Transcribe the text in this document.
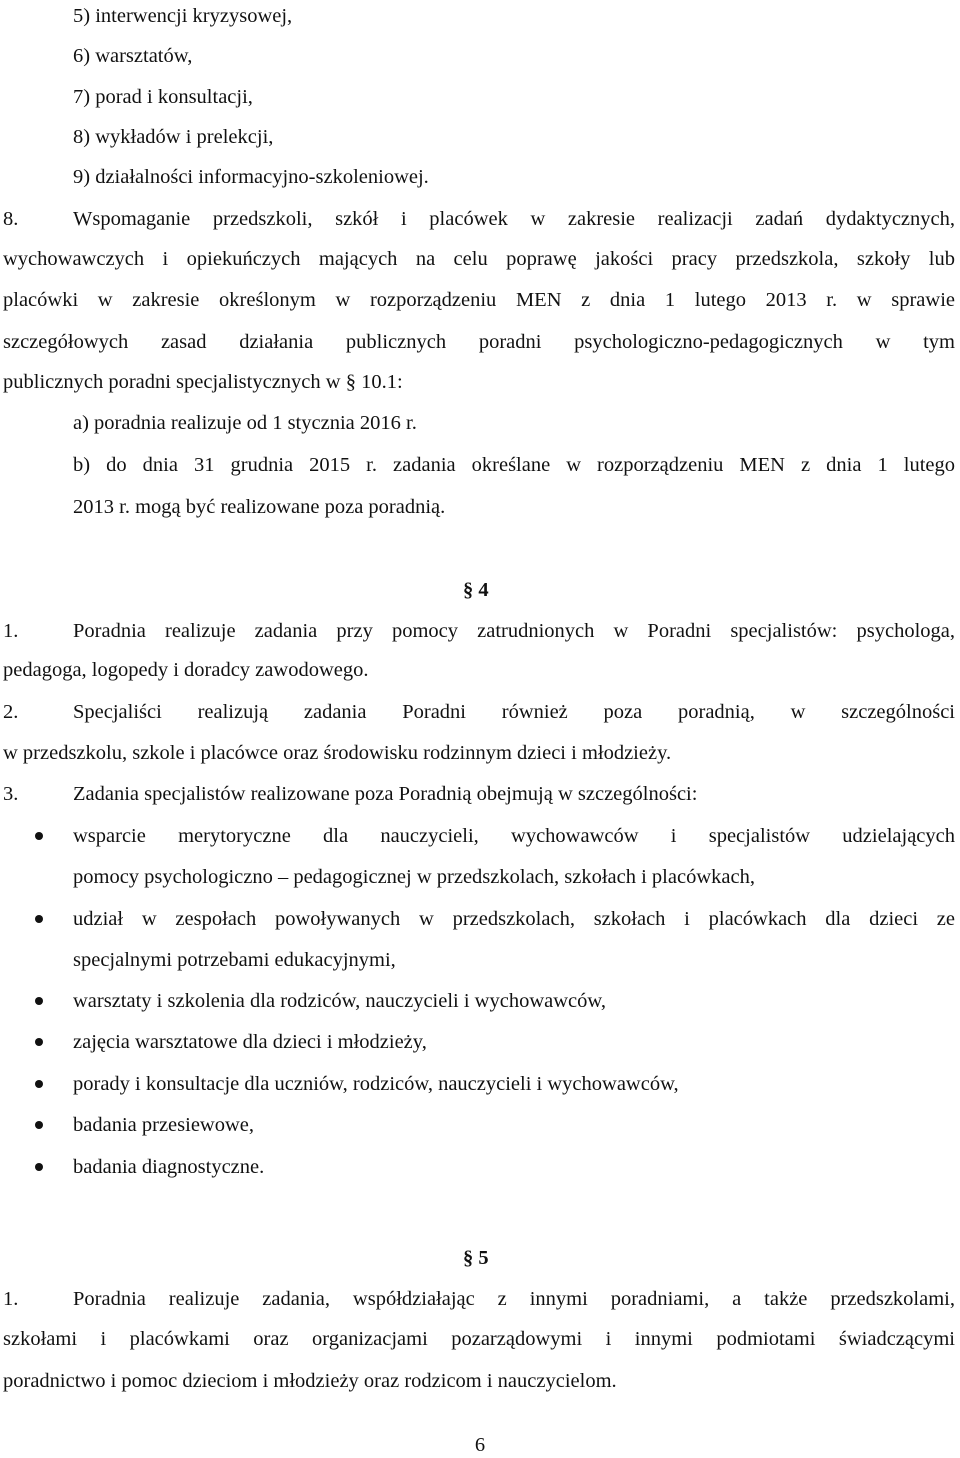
5) interwencji kryzysowej,
6) warsztatów,
7) porad i konsultacji,
8) wykładów i prelekcji,
9) działalności informacyjno-szkoleniowej.
8.	Wspomaganie przedszkoli, szkół i placówek w zakresie realizacji zadań dydaktycznych,
wychowawczych i opiekuńczych mających na celu poprawę jakości pracy przedszkola, szkoły lub
placówki w zakresie określonym w rozporządzeniu MEN z dnia 1 lutego 2013 r. w sprawie
szczegółowych zasad działania publicznych poradni psychologiczno-pedagogicznych w tym
publicznych poradni specjalistycznych w § 10.1:
a) poradnia realizuje od 1 stycznia 2016 r.
b) do dnia 31 grudnia 2015 r. zadania określane w rozporządzeniu MEN z dnia 1 lutego
2013 r. mogą być realizowane poza poradnią.
§ 4
1.	Poradnia realizuje zadania przy pomocy zatrudnionych w Poradni specjalistów: psychologa,
pedagoga, logopedy i doradcy zawodowego.
2.	Specjaliści realizują zadania Poradni również poza poradnią, w szczególności
w przedszkolu, szkole i placówce oraz środowisku rodzinnym dzieci i młodzieży.
3.	Zadania specjalistów realizowane poza Poradnią obejmują w szczególności:
wsparcie merytoryczne dla nauczycieli, wychowawców i specjalistów udzielających
pomocy psychologiczno – pedagogicznej w przedszkolach, szkołach i placówkach,
udział w zespołach powoływanych w przedszkolach, szkołach i placówkach dla dzieci ze
specjalnymi potrzebami edukacyjnymi,
warsztaty i szkolenia dla rodziców, nauczycieli i wychowawców,
zajęcia warsztatowe dla dzieci i młodzieży,
porady i konsultacje dla uczniów, rodziców, nauczycieli i wychowawców,
badania przesiewowe,
badania diagnostyczne.
§ 5
1.	Poradnia realizuje zadania, współdziałając z innymi poradniami, a także przedszkolami,
szkołami i placówkami oraz organizacjami pozarządowymi i innymi podmiotami świadczącymi
poradnictwo i pomoc dzieciom i młodzieży oraz rodzicom i nauczycielom.
6
